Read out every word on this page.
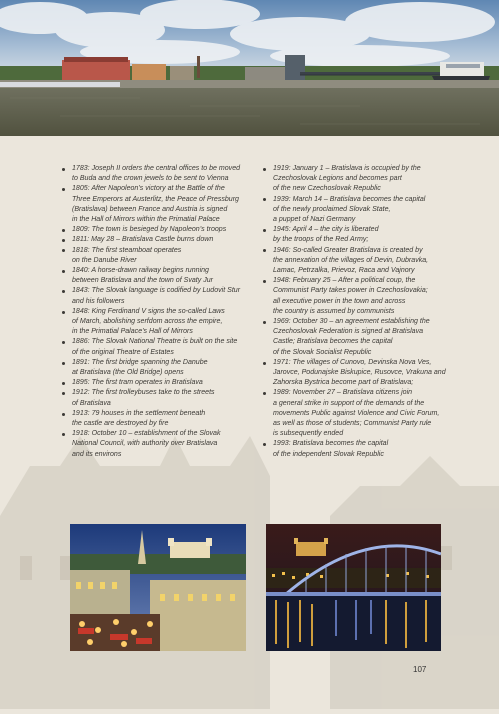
1783: Joseph II orders the central offices to be moved
to Buda and the crown jewels to be sent to Vienna
1805: After Napoleon’s victory at the Battle of the
Three Emperors at Austerlitz, the Peace of Pressburg
(Bratislava) between France and Austria is signed
in the Hall of Mirrors within the Primatial Palace
1809: The town is besieged by Napoleon’s troops
1811: May 28 – Bratislava Castle burns down
1818: The first steamboat operates
on the Danube River
1840: A horse-drawn railway begins running
between Bratislava and the town of Svaty Jur
1843: The Slovak language is codified by Ludovit Stur
and his followers
1848: King Ferdinand V signs the so-called Laws
of March, abolishing serfdom across the empire,
in the Primatial Palace’s Hall of Mirrors
1886: The Slovak National Theatre is built on the site
of the original Theatre of Estates
1891: The first bridge spanning the Danube
at Bratislava (the Old Bridge) opens
1895: The first tram operates in Bratislava
1912: The first trolleybuses take to the streets
of Bratislava
1913: 79 houses in the settlement beneath
the castle are destroyed by fire
1918: October 10 – establishment of the Slovak
National Council, with authority over Bratislava
and its environs
1919: January 1 – Bratislava is occupied by the
Czechoslovak Legions and becomes part
of the new Czechoslovak Republic
1939: March 14 – Bratislava becomes the capital
of the newly proclaimed Slovak State,
a puppet of Nazi Germany
1945: April 4 – the city is liberated
by the troops of the Red Army;
1946: So-called Greater Bratislava is created by
the annexation of the villages of Devin, Dubravka,
Lamac, Petrzalka, Prievoz, Raca and Vajnory
1948: February 25 – After a political coup, the
Communist Party takes power in Czechoslovakia;
all executive power in the town and across
the country is assumed by communists
1969: October 30 – an agreement establishing the
Czechoslovak Federation is signed at Bratislava
Castle; Bratislava becomes the capital
of the Slovak Socialist Republic
1971: The villages of Cunovo, Devinska Nova Ves,
Jarovce, Podunajske Biskupice, Rusovce, Vrakuna and
Zahorska Bystrica become part of Bratislava;
1989: November 27 – Bratislava citizens join
a general strike in support of the demands of the
movements Public against Violence and Civic Forum,
as well as those of students; Communist Party rule
is subsequently ended
1993: Bratislava becomes the capital
of the independent Slovak Republic
107
